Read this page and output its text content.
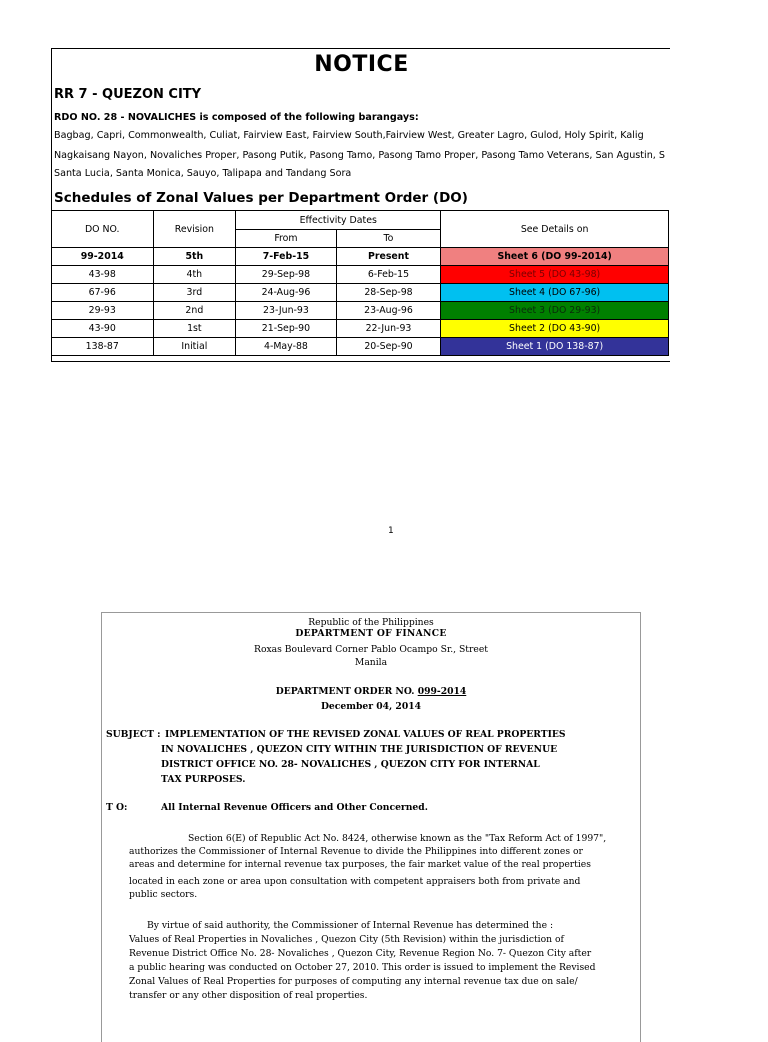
NOTICE
RR 7 - QUEZON CITY
RDO NO. 28 - NOVALICHES is composed of the following barangays:
Bagbag, Capri, Commonwealth, Culiat, Fairview East, Fairview South,Fairview West, Greater Lagro, Gulod, Holy Spirit, Kalig
Nagkaisang Nayon, Novaliches Proper, Pasong Putik, Pasong Tamo, Pasong Tamo Proper, Pasong Tamo Veterans, San Agustin, S
Santa Lucia, Santa Monica, Sauyo, Talipapa and Tandang Sora
Schedules of Zonal Values per Department Order (DO)
DO NO.	Revision	Effectivity Dates		See Details on
		From	To	
99-2014	5th	7-Feb-15	Present	Sheet 6 (DO 99-2014)
43-98	4th	29-Sep-98	6-Feb-15	Sheet 5 (DO 43-98)
67-96	3rd	24-Aug-96	28-Sep-98	Sheet 4 (DO 67-96)
29-93	2nd	23-Jun-93	23-Aug-96	Sheet 3 (DO 29-93)
43-90	1st	21-Sep-90	22-Jun-93	Sheet 2 (DO 43-90)
138-87	Initial	4-May-88	20-Sep-90	Sheet 1 (DO 138-87)
1
Republic of the Philippines
DEPARTMENT OF FINANCE
Roxas Boulevard Corner Pablo Ocampo Sr., Street
Manila
DEPARTMENT ORDER NO. 099-2014
December 04, 2014
SUBJECT : IMPLEMENTATION OF THE REVISED ZONAL VALUES OF REAL PROPERTIES
IN NOVALICHES , QUEZON CITY WITHIN THE JURISDICTION OF REVENUE
DISTRICT OFFICE NO. 28- NOVALICHES , QUEZON CITY FOR INTERNAL
TAX PURPOSES.
T O:	All Internal Revenue Officers and Other Concerned.
Section 6(E) of Republic Act No. 8424, otherwise known as the "Tax Reform Act of 1997",
authorizes the Commissioner of Internal Revenue to divide the Philippines into different zones or
areas and determine for internal revenue tax purposes, the fair market value of the real properties
located in each zone or area upon consultation with competent appraisers both from private and
public sectors.
By virtue of said authority, the Commissioner of Internal Revenue has determined the :
Values of Real Properties in Novaliches , Quezon City (5th Revision) within the jurisdiction of
Revenue District Office No. 28- Novaliches , Quezon City, Revenue Region No. 7- Quezon City after
a public hearing was conducted on October 27, 2010. This order is issued to implement the Revised
Zonal Values of Real Properties for purposes of computing any internal revenue tax due on sale/
transfer or any other disposition of real properties.
